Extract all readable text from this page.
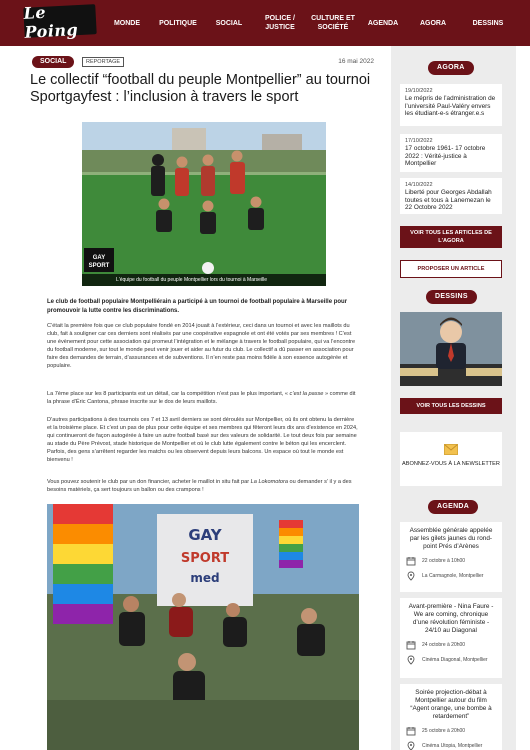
Le Poing	MONDE	POLITIQUE	SOCIAL
POLICE / JUSTICE
CULTURE ET SOCIÉTÉ
AGENDA	AGORA	DESSINS
SOCIAL	REPORTAGE	16 mai 2022
Le collectif “football du peuple Montpellier” au tournoi Sportgayfest : l’inclusion à travers le sport
GAY
SPORT
L'équipe du football du peuple Montpellier lors du tournoi à Marseille

Le club de football populaire Montpelliérain a participé à un tournoi de football populaire à Marseille pour promouvoir la lutte contre les discriminations.

C’était la première fois que ce club populaire fondé en 2014 jouait à l’extérieur, ceci dans un tournoi et avec les maillots du club, fait à souligner car ces derniers sont réalisés par une coopérative espagnole et ont été votés par ses membres ! C’est une évènement pour cette association qui promeut l’intégration et le mélange à travers le football populaire, qui va l’encontre du football moderne, sur tout le monde peut venir jouer et aider au futur du club. Le collectif a dû passer en association pour faire des demandes de terrain, d’assurances et de subventions. Il n’en reste pas moins fidèle à son essence autogérée et populaire.

La 7ème place sur les 8 participants est un détail, car la compétition n’est pas le plus important, « c’est la passe » comme dit la phrase d’Éric Cantona, phrase inscrite sur le dos de leurs maillots.

D’autres participations à des tournois ces 7 et 13 avril derniers se sont déroulés sur Montpellier, où ils ont obtenu la dernière et la troisième place. Et c’est un pas de plus pour cette équipe et ses membres qui fêteront leurs dix ans d’existence en 2024, qui continueront de façon autogérée à faire un autre football basé sur des valeurs de solidarité. Le tout deux fois par semaine au stade du Père Prévost, stade historique de Montpellier et où le club lutte également contre le béton qui les encerclent. Parfois, des gens s’arrêtent regarder les matchs ou les observent depuis leurs balcons. Un espace où tout le monde est bienvenu !

Vous pouvez soutenir le club par un don financier, acheter le maillot in situ fait par La Lokomotora ou demander s’ il y a des besoins matériels, ça sert toujours un ballon ou des crampons !

GAY
SPORT
med
AGORA
19/10/2022
Le mépris de l’administration de l’université Paul-Valéry envers les étudiant-e-s étranger.e.s
17/10/2022
17 octobre 1961- 17 octobre 2022 : Vérité-justice à Montpellier
14/10/2022
Liberté pour Georges Abdallah toutes et tous à Lanemezan le 22 Octobre 2022
VOIR TOUS LES ARTICLES DE L'AGORA
PROPOSER UN ARTICLE
DESSINS
VOIR TOUS LES DESSINS
ABONNEZ-VOUS À LA NEWSLETTER
AGENDA
Assemblée générale appelée par les gilets jaunes du rond-point Prés d’Arènes
22 octobre à 10h00
La Carmagnole, Montpellier
Avant-première - Nina Faure - We are coming, chronique d’une révolution féministe - 24/10 au Diagonal
24 octobre à 20h00
Cinéma Diagonal, Montpellier
Soirée projection-débat à Montpellier autour du film “Agent orange, une bombe à retardement”
25 octobre à 20h00
Cinéma Utopia, Montpellier
